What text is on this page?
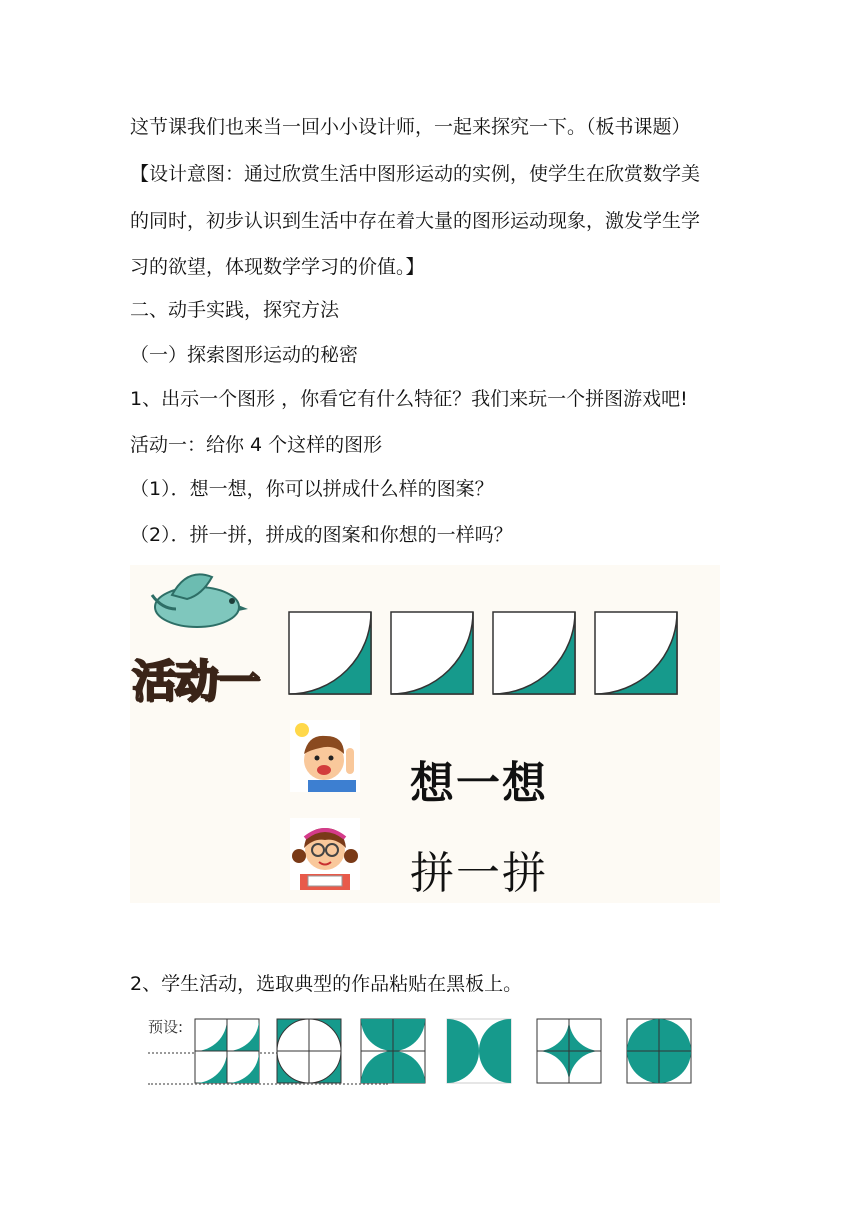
这节课我们也来当一回小小设计师，一起来探究一下。（板书课题）
【设计意图：通过欣赏生活中图形运动的实例，使学生在欣赏数学美
的同时，初步认识到生活中存在着大量的图形运动现象，激发学生学
习的欲望，体现数学学习的价值。】
二、动手实践，探究方法
（一）探索图形运动的秘密
1、出示一个图形 ，你看它有什么特征？我们来玩一个拼图游戏吧!
活动一：给你 4 个这样的图形
（1）．想一想，你可以拼成什么样的图案？
（2）．拼一拼，拼成的图案和你想的一样吗？
活动一
想一想
拼一拼
2、学生活动，选取典型的作品粘贴在黑板上。
预设:
